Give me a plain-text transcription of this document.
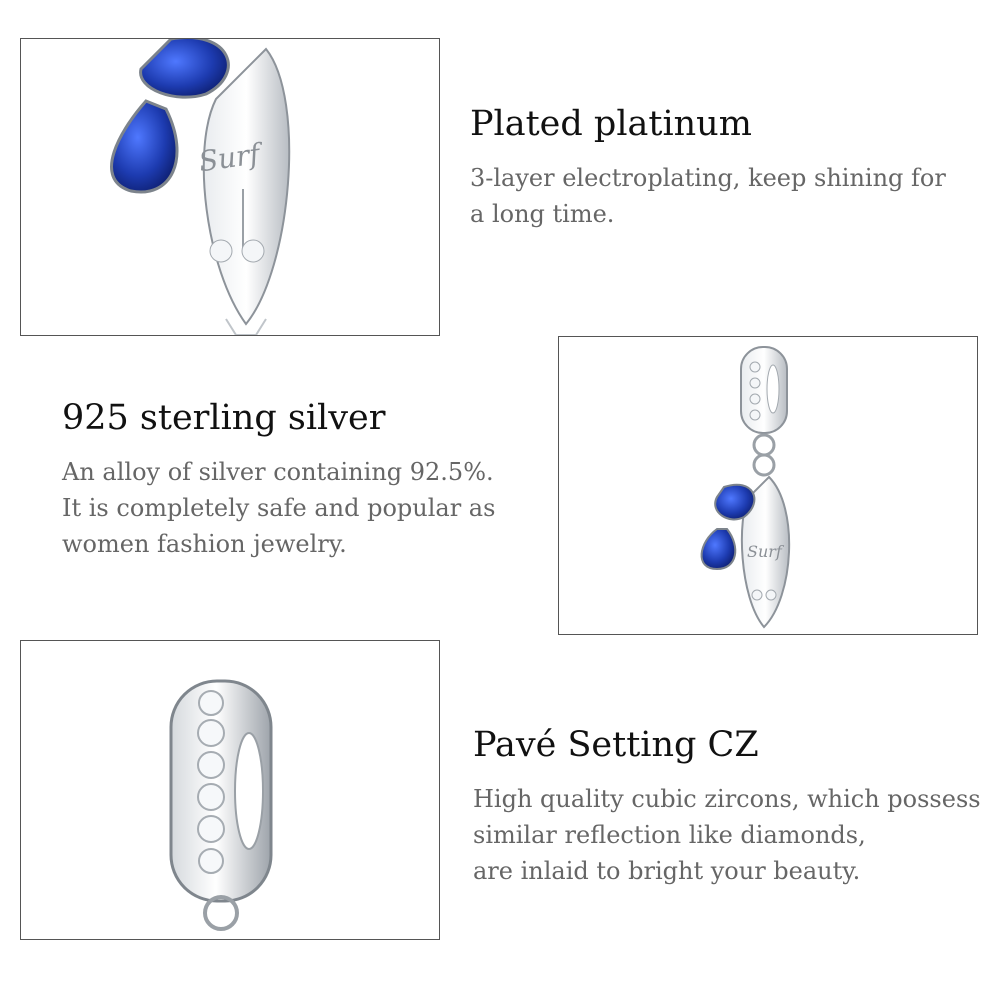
Surf
Plated platinum
3-layer electroplating, keep shining for
a long time.
Surf
925 sterling silver
An alloy of silver containing 92.5%.
It is completely safe and popular as
women fashion jewelry.
Pavé Setting CZ
High quality cubic zircons, which possess
similar reflection like diamonds,
are inlaid to bright your beauty.
